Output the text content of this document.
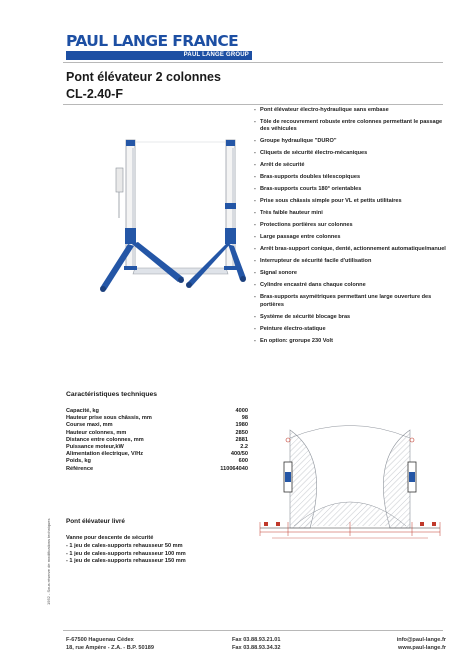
PAUL LANGE FRANCE
PAUL LANGE GROUP
Pont élévateur 2 colonnes
CL-2.40-F
- Pont élévateur électro-hydraulique sans embase
- Tôle de recouvrement robuste entre colonnes permettant le passage des véhicules
- Groupe hydraulique "DURO"
- Cliquets de sécurité électro-mécaniques
- Arrêt de sécurité
- Bras-supports doubles télescopiques
- Bras-supports courts 180° orientables
- Prise sous châssis simple pour VL et petits utilitaires
- Très faible hauteur mini
- Protections portières sur colonnes
- Large passage entre colonnes
- Arrêt bras-support conique, denté, actionnement automatique/manuel
- Interrupteur de sécurité facile d'utilisation
- Signal sonore
- Cylindre encastré dans chaque colonne
- Bras-supports asymétriques permettant une large ouverture des portières
- Système de sécurité blocage bras
- Peinture électro-statique
- En option: grorupe 230 Volt
Caractéristiques techniques
Capacité, kg	4000
Hauteur prise sous châssis, mm	98
Course maxi, mm	1980
Hauteur colonnes, mm	2850
Distance entre colonnes, mm	2881
Puissance moteur,kW	2.2
Alimentation électrique, V/Hz	400/50
Poids, kg	600
Référence	110064040
Pont élévateur livré
Vanne pour descente de sécurité
- 1 jeu de cales-supports rehausseur 50 mm
- 1 jeu de cales-supports rehausseur 100 mm
- 1 jeu de cales-supports rehausseur 150 mm
1952 - Sous réserve de modifications techniques
F-67500 Haguenau Cédex
18, rue Ampère - Z.A. - B.P. 50189
Fax 03.88.93.21.01
Fax 03.88.93.34.32
info@paul-lange.fr
www.paul-lange.fr
